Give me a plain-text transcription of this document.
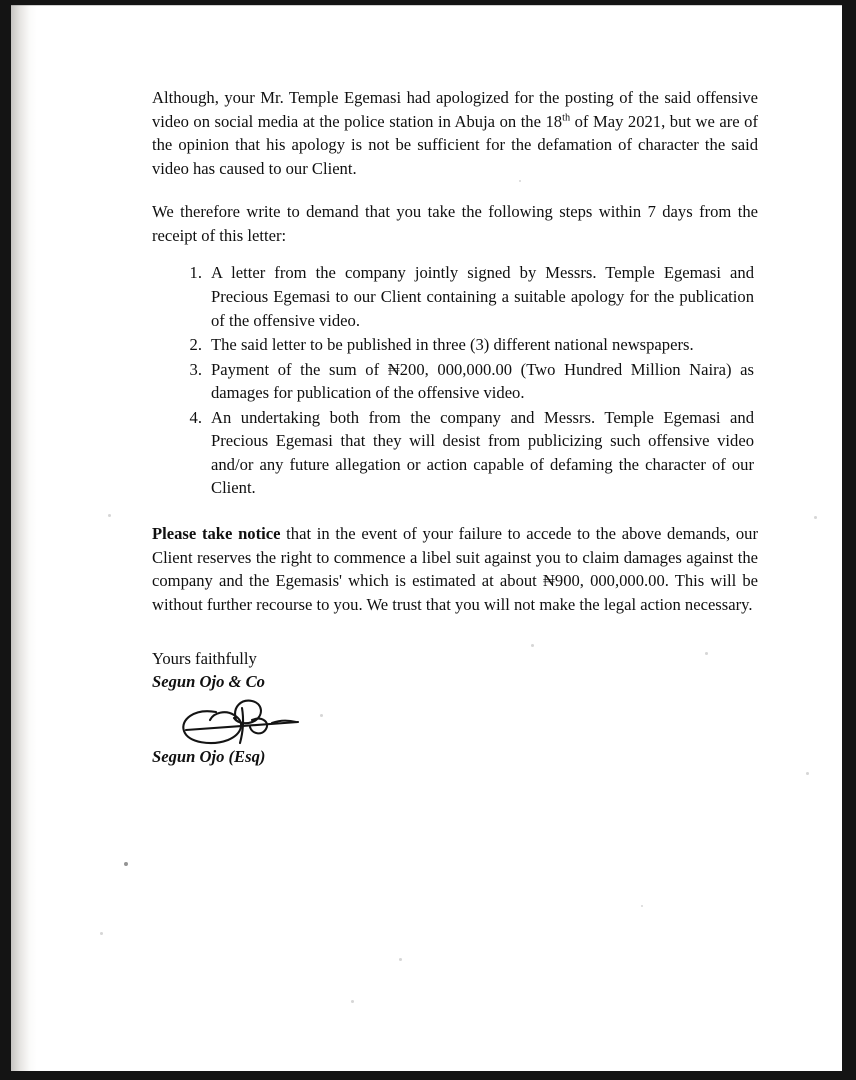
Although, your Mr. Temple Egemasi had apologized for the posting of the said offensive video on social media at the police station in Abuja on the 18th of May 2021, but we are of the opinion that his apology is not be sufficient for the defamation of character the said video has caused to our Client.

We therefore write to demand that you take the following steps within 7 days from the receipt of this letter:

1. A letter from the company jointly signed by Messrs. Temple Egemasi and Precious Egemasi to our Client containing a suitable apology for the publication of the offensive video.
2. The said letter to be published in three (3) different national newspapers.
3. Payment of the sum of ₦200, 000,000.00 (Two Hundred Million Naira) as damages for publication of the offensive video.
4. An undertaking both from the company and Messrs. Temple Egemasi and Precious Egemasi that they will desist from publicizing such offensive video and/or any future allegation or action capable of defaming the character of our Client.

Please take notice that in the event of your failure to accede to the above demands, our Client reserves the right to commence a libel suit against you to claim damages against the company and the Egemasis' which is estimated at about ₦900, 000,000.00. This will be without further recourse to you. We trust that you will not make the legal action necessary.

Yours faithfully

Segun Ojo & Co

Segun Ojo (Esq)
